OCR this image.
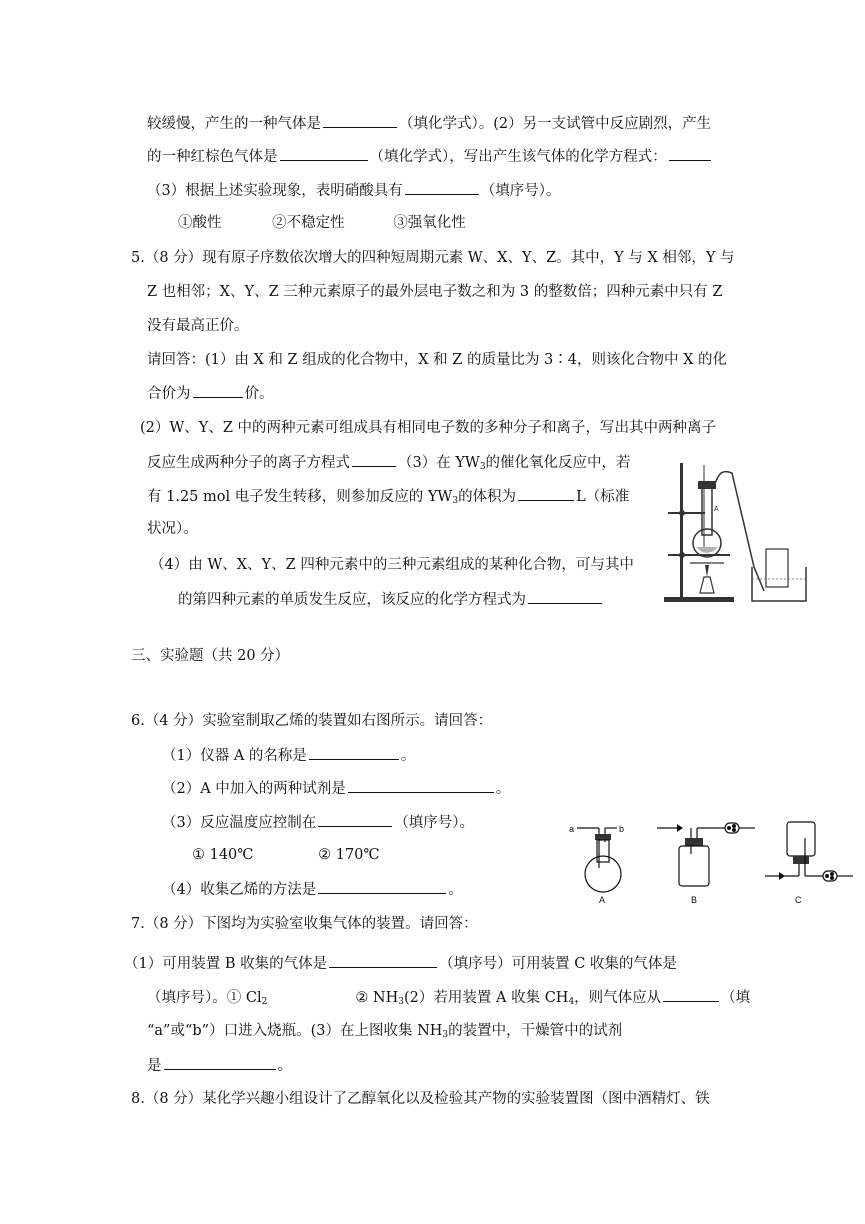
较缓慢，产生的一种气体是	（填化学式）。(2）另一支试管中反应剧烈，产生
的一种红棕色气体是	（填化学式），写出产生该气体的化学方程式：
（3）根据上述实验现象，表明硝酸具有	（填序号）。
①酸性	②不稳定性	③强氧化性
5.（8 分）现有原子序数依次增大的四种短周期元素 W、X、Y、Z。其中，Y 与 X 相邻，Y 与
Z 也相邻；X、Y、Z 三种元素原子的最外层电子数之和为 3 的整数倍；四种元素中只有 Z
没有最高正价。
请回答：(1）由 X 和 Z 组成的化合物中，X 和 Z 的质量比为 3∶4，则该化合物中 X 的化
合价为	价。
(2）W、Y、Z 中的两种元素可组成具有相同电子数的多种分子和离子，写出其中两种离子
反应生成两种分子的离子方程式	（3）在 $YW_3$的催化氧化反应中，若
有 1.25 mol 电子发生转移，则参加反应的 $YW_3$的体积为	L（标准
状况）。
（4）由 W、X、Y、Z 四种元素中的三种元素组成的某种化合物，可与其中
的第四种元素的单质发生反应，该反应的化学方程式为
A
三、实验题（共 20 分）
6.（4 分）实验室制取乙烯的装置如右图所示。请回答：
（1）仪器 A 的名称是	。
（2）A 中加入的两种试剂是	。
（3）反应温度应控制在	（填序号）。
① 140℃	② 170℃
（4）收集乙烯的方法是	。
a	b
A	B	C
7.（8 分）下图均为实验室收集气体的装置。请回答：
（1）可用装置 B 收集的气体是	（填序号）可用装置 C 收集的气体是
（填序号）。① $Cl_2$	② $NH_3(2)$若用装置 A 收集 $CH_4$，则气体应从	（填
“a”或“b”）口进入烧瓶。(3）在上图收集 $NH_3$的装置中，干燥管中的试剂
是	。
8.（8 分）某化学兴趣小组设计了乙醇氧化以及检验其产物的实验装置图（图中酒精灯、铁
